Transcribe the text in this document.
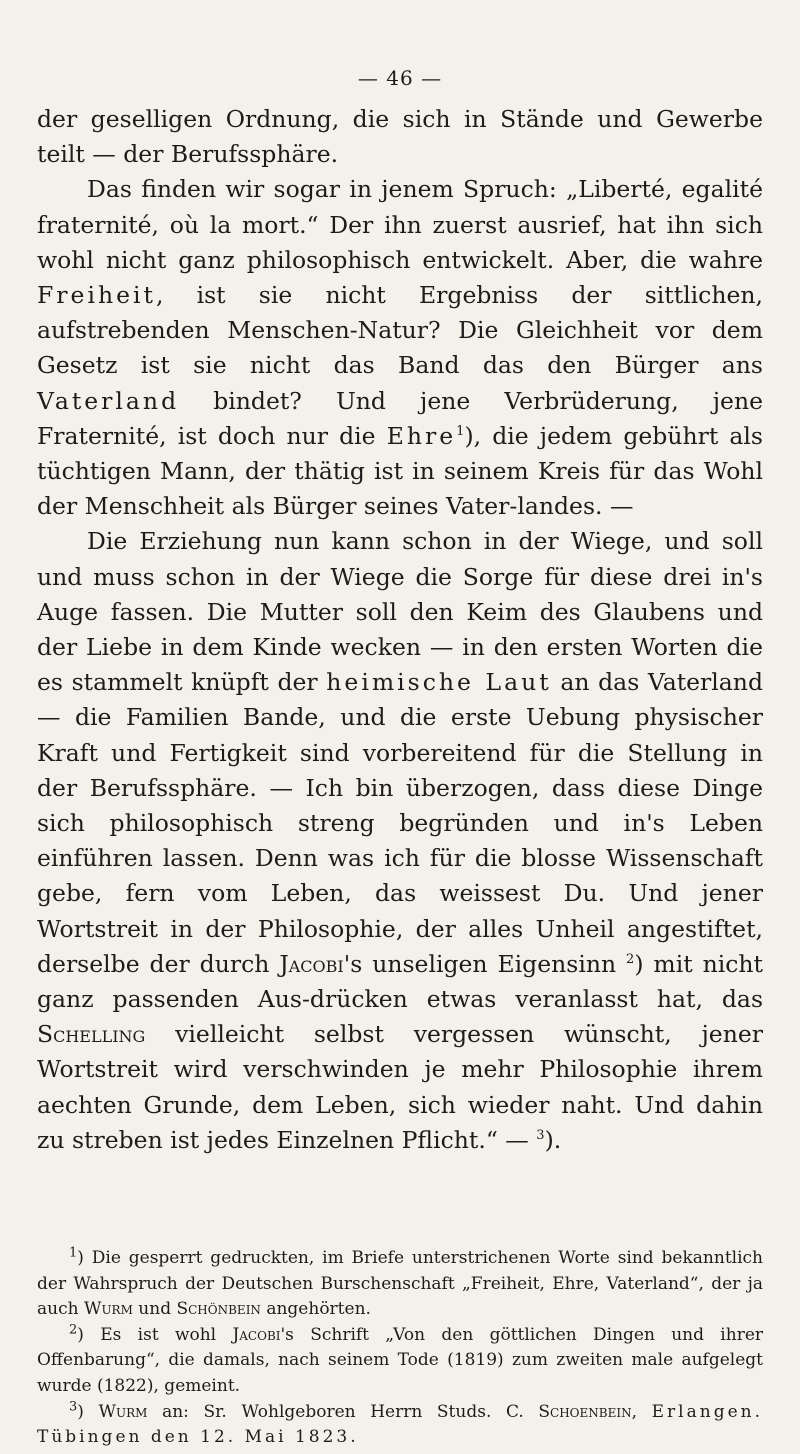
— 46 —

der geselligen Ordnung, die sich in Stände und Gewerbe teilt — der Berufssphäre.

Das finden wir sogar in jenem Spruch: „Liberté, egalité fraternité, où la mort.“ Der ihn zuerst ausrief, hat ihn sich wohl nicht ganz philosophisch entwickelt. Aber, die wahre Freiheit, ist sie nicht Ergebniss der sittlichen, aufstrebenden Menschen-Natur? Die Gleichheit vor dem Gesetz ist sie nicht das Band das den Bürger ans Vaterland bindet? Und jene Verbrüderung, jene Fraternité, ist doch nur die Ehre$^1$), die jedem gebührt als tüchtigen Mann, der thätig ist in seinem Kreis für das Wohl der Menschheit als Bürger seines Vater-landes. —

Die Erziehung nun kann schon in der Wiege, und soll und muss schon in der Wiege die Sorge für diese drei in's Auge fassen. Die Mutter soll den Keim des Glaubens und der Liebe in dem Kinde wecken — in den ersten Worten die es stammelt knüpft der heimische Laut an das Vaterland — die Familien Bande, und die erste Uebung physischer Kraft und Fertigkeit sind vorbereitend für die Stellung in der Berufssphäre. — Ich bin überzogen, dass diese Dinge sich philosophisch streng begründen und in's Leben einführen lassen. Denn was ich für die blosse Wissenschaft gebe, fern vom Leben, das weissest Du. Und jener Wortstreit in der Philosophie, der alles Unheil angestiftet, derselbe der durch Jacobi's unseligen Eigensinn $^2$) mit nicht ganz passenden Aus-drücken etwas veranlasst hat, das Schelling vielleicht selbst vergessen wünscht, jener Wortstreit wird verschwinden je mehr Philosophie ihrem aechten Grunde, dem Leben, sich wieder naht. Und dahin zu streben ist jedes Einzelnen Pflicht.“ — $^3$).

$^1$) Die gesperrt gedruckten, im Briefe unterstrichenen Worte sind bekanntlich der Wahrspruch der Deutschen Burschenschaft „Freiheit, Ehre, Vaterland“, der ja auch Wurm und Schönbein angehörten.

$^2$) Es ist wohl Jacobi's Schrift „Von den göttlichen Dingen und ihrer Offenbarung“, die damals, nach seinem Tode (1819) zum zweiten male aufgelegt wurde (1822), gemeint.

$^3$) Wurm an: Sr. Wohlgeboren Herrn Studs. C. Schoenbein, Erlangen. Tübingen den 12. Mai 1823.
